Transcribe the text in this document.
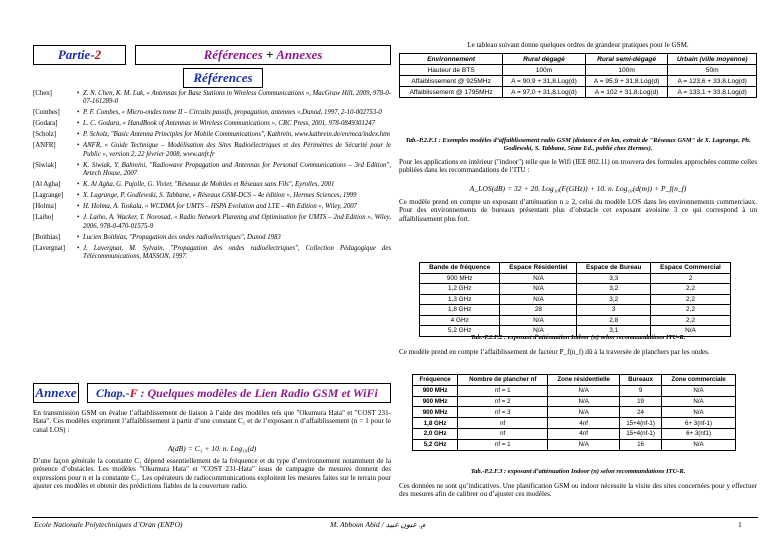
Partie-2	Références + Annexes
Références
[Chen]	• Z. N. Chen, K. M. Luk, « Antennas for Base Stations in Wireless Communications », MacGraw Hill, 2009, 978-0-07-161289-0
[Combes]	• P. F. Combes, « Micro-ondes tome II – Circuits passifs, propagation, antennes »,Dunod, 1997, 2-10-002753-0
[Godara]	• L. C. Godara, « HandBook of Antennas in Wireless Communications », CRC Press, 2001, 978-0849301247
[Scholz]	• P. Scholz, "Basic Antenna Principles for Mobile Communications", Kathrein, www.kathrein.de/en/mca/index.htm
[ANFR]	• ANFR, « Guide Technique – Modélisation des Sites Radioélectriques et des Périmètres de Sécurité pour le Public », version 2, 22 février 2008, www.anfr.fr
[Siwiak]	• K. Siwiak, Y. Bahreini, "Radiowave Propagation and Antennas for Personal Communications – 3rd Edition", Artech House, 2007
[Al Agha]	• K. Al Agha, G. Pujolle, G. Vivier, "Réseaux de Mobiles et Réseaux sans Fils", Eyrolles, 2001
[Lagrange]	• X. Lagrange, P. Godlewski, S. Tabbane, « Réseaux GSM-DCS – 4e édition », Hermes Sciences, 1999
[Holma]	• H. Holma, A. Toskala, « WCDMA for UMTS – HSPA Evolution and LTE – 4th Edition », Wiley, 2007
[Laiho]	• J. Laiho, A. Wacker, T. Novosad, « Radio Network Planning and Optimisation for UMTS – 2nd Edition », Wiley, 2006, 978-0-470-01575-9
[Boithias]	• Lucien Boithias, "Propagation des ondes radioélectriques", Dunod 1983
[Lavergnat]	• J. Lavergnat, M. Sylvain, "Propagation des ondes radioélectriques", Collection Pédagogique des Télécommunications, MASSON, 1997.
Annexe	Chap.-F : Quelques modèles de Lien Radio GSM et WiFi
En transmission GSM on évalue l’affaiblissement de liaison à l’aide des modèles tels que "Okumura Hata" et "COST 231-Hata". Ces modèles expriment l’affaiblissement à partir d’une constant C₁ et de l’exposant n d’affaiblissement (n = 1 pour le canal LOS) :
A(dB) = C₁ + 10. n. Log₁₀(d)
D’une façon générale la constante C₁ dépend essentiellement de la fréquence et du type d’environnement notamment de la présence d’obstacles. Les modèles "Okumura Hata" et "COST 231-Hata" issus de campagne de mesures donnent des expressions pour n et la constante C₁. Les opérateurs de radiocommunications exploitent les mesures faites sur le terrain pour ajuster ces modèles et obtenir des prédictions fiables de la couverture radio.
Le tableau suivant donne quelques ordres de grandeur pratiques pour le GSM.
Environnement	Rural dégagé	Rural semi-dégagé	Urbain (ville moyenne)
Hauteur de BTS	100m	100m	50m
Affaiblissement @ 925MHz	A = 90,9 + 31,8.Log(d)	A = 95,9 + 31,8.Log(d)	A = 123,6 + 33,8.Log(d)
Affaiblissement @ 1795MHz	A = 97,0 + 31,8.Log(d)	A = 102 + 31,8.Log(d)	A = 133,1 + 33,8.Log(d)
Tab.-P.2.F.1 : Exemples modèles d’affaiblissement radio GSM (distance d en km, extrait de "Réseaux GSM" de X. Lagrange, Ph. Godlewski, S. Tabbane, 5ème Ed., publié chez Hermes).
Pour les applications en intérieur ("indoor") telle que le Wifi (IEE 802.11) on trouvera des formules approchées comme celles publiées dans les recommandations de l’ITU :
A_LOS(dB) = 32 + 20. Log₁₀(F(GHz)) + 10. n. Log₁₀(d(m)) + P_f(n_f)
Ce modèle prend en compte un exposant d’atténuation n ≥ 2, celui du modèle LOS dans les environnements commerciaux. Pour des environnements de bureaux présentant plus d’obstacle cet exposant avoisine 3 ce qui correspond à un affaiblissement plus fort.
Bande de fréquence	Espace Résidentiel	Espace de Bureau	Espace Commercial
900 MHz	N/A	3,3	2
1,2 GHz	N/A	3,2	2,2
1,3 GHz	N/A	3,2	2,2
1,8 GHz	28	3	2,2
4 GHz	N/A	2,8	2,2
5,2 GHz	N/A	3,1	N/A
Tab.-P.2.F.2 : exposant d’atténuation Indoor (n) selon recommandations ITU-R.
Ce modèle prend en compte l’affaiblissement de facteur P_f(n_f) dû à la traversée de planchers par les ondes.
Fréquence	Nombre de plancher nf	Zone résidentielle	Bureaux	Zone commerciale
900 MHz	nf = 1	N/A	9	N/A
900 MHz	nf = 2	N/A	19	N/A
900 MHz	nf = 3	N/A	24	N/A
1,8 GHz	nf	4nf	15+4(nf-1)	6+ 3(nf-1)
2,0 GHz	nf	4nf	15+4(nf-1)	6+ 3(nf1)
5,2 GHz	nf = 1	N/A	16	N/A
Tab.-P.2.F.3 : exposant d’atténuation Indoor (n) selon recommandations ITU-R.
Ces données ne sont qu’indicatives. Une planification GSM ou indoor nécessite la visite des sites concernées pour y effectuer des mesures afin de calibrer ou d’ajuster ces modèles.
Ecole Nationale Polytechniques d’Oran (ENPO)	M. Abboun Abid / م. عبون عبيد	1
